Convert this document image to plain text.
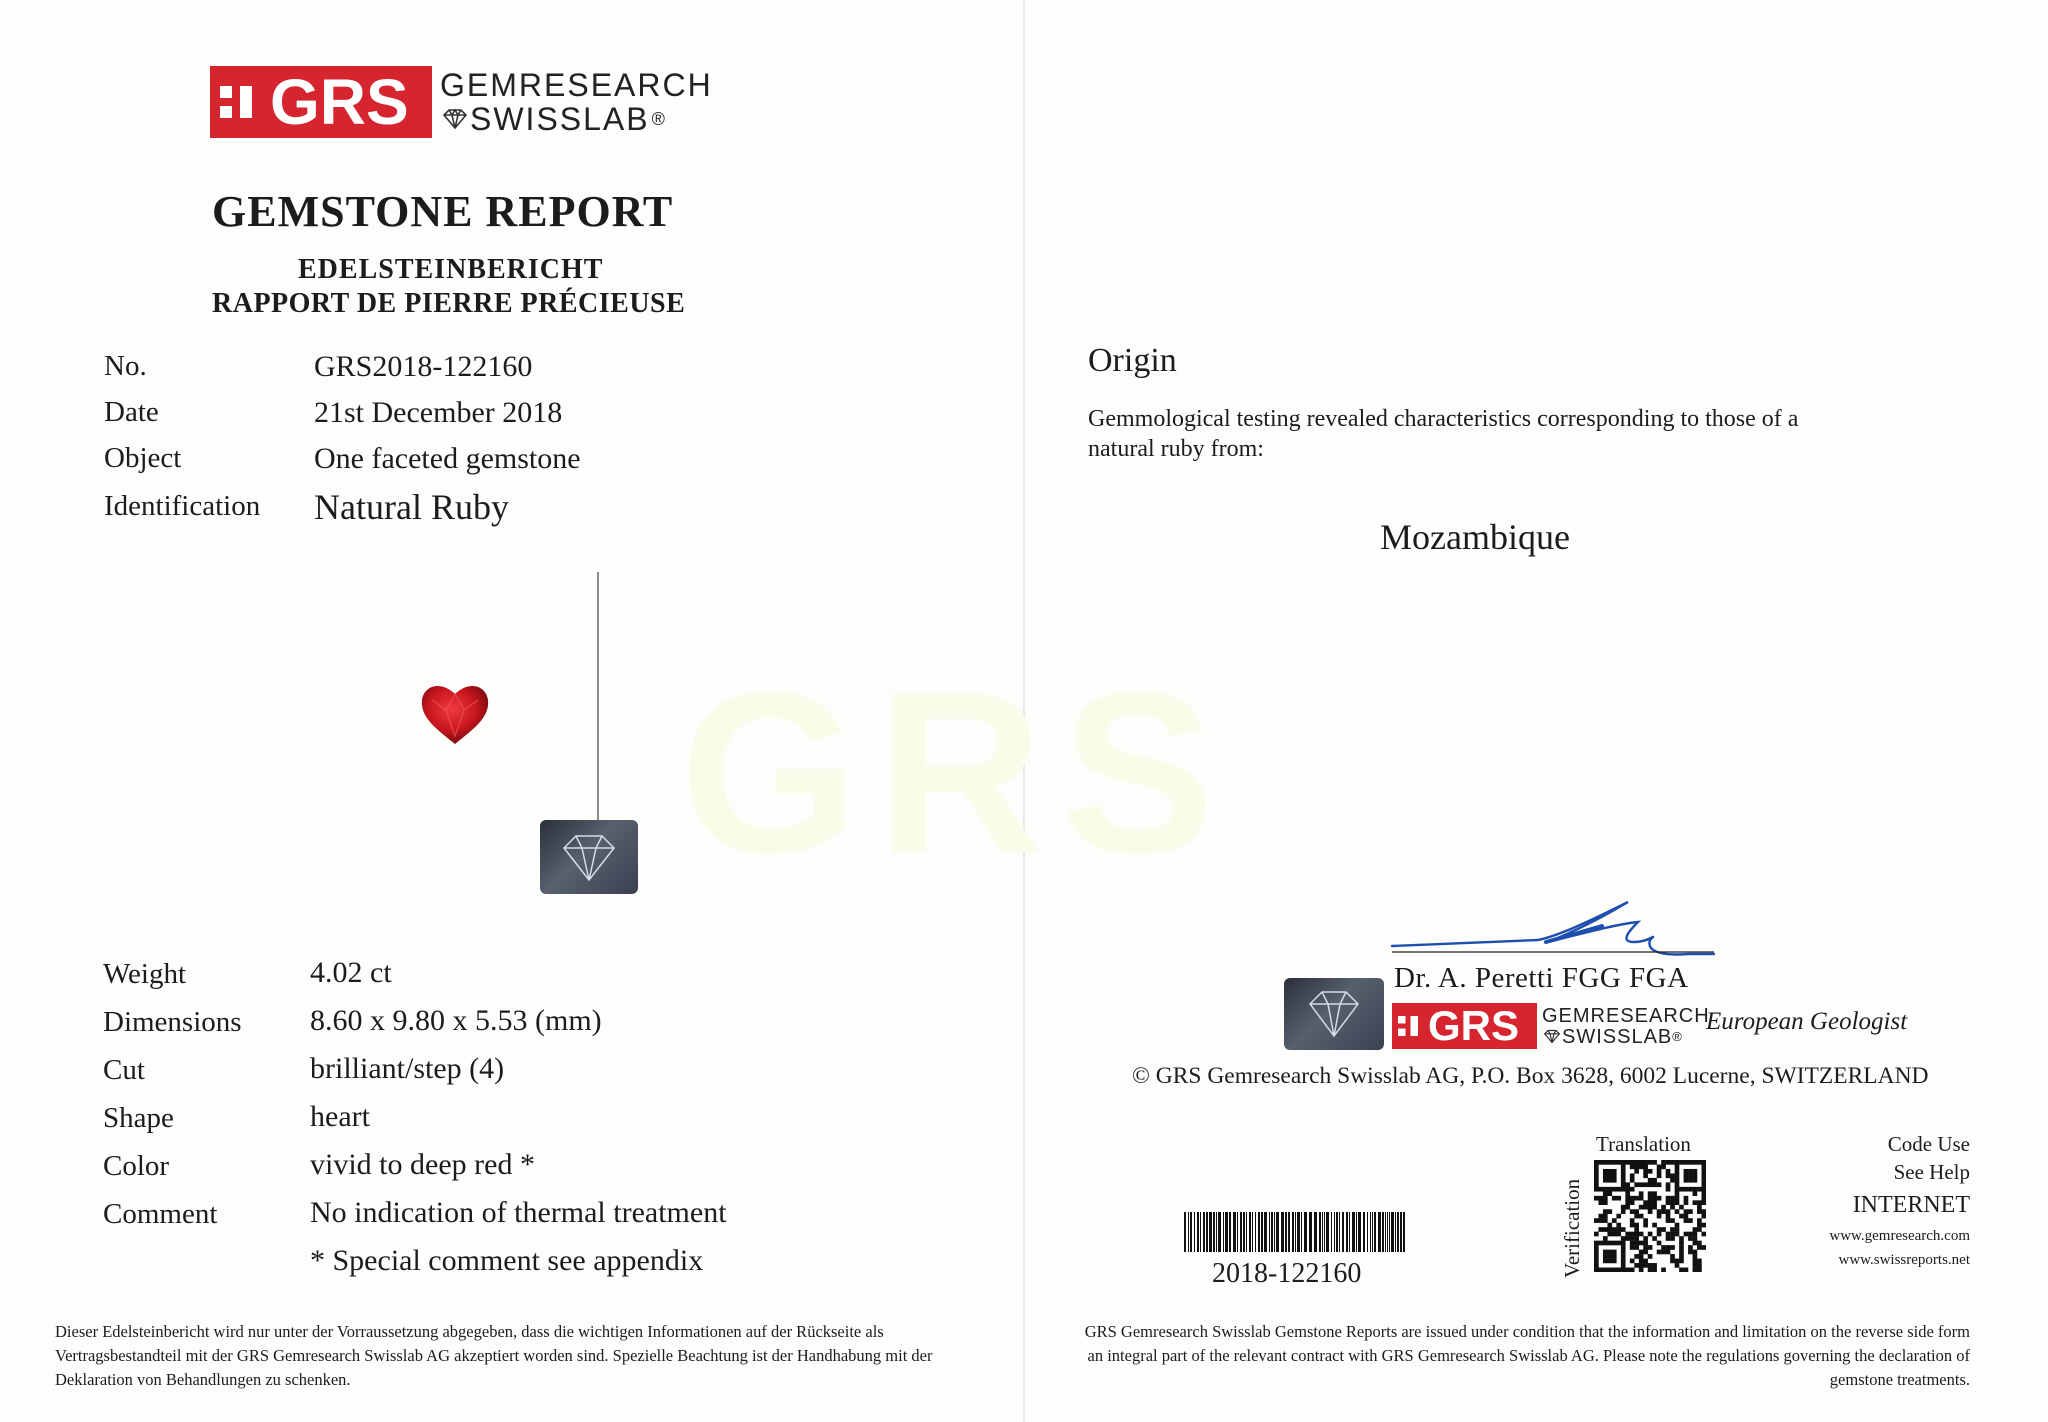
GRS
GRS GEMRESEARCH
SWISSLAB ®
GEMSTONE REPORT
EDELSTEINBERICHT
RAPPORT DE PIERRE PRÉCIEUSE
No.	GRS2018-122160
Date	21st December 2018
Object	One faceted gemstone
Identification Natural Ruby
Weight	4.02 ct
Dimensions 8.60 x 9.80 x 5.53 (mm)
Cut	brilliant/step (4)
Shape	heart
Color	vivid to deep red *
Comment	No indication of thermal treatment
* Special comment see appendix
Dieser Edelsteinbericht wird nur unter der Vorraussetzung abgegeben, dass die wichtigen Informationen auf der Rückseite als Vertragsbestandteil mit der GRS Gemresearch Swisslab AG akzeptiert worden sind. Spezielle Beachtung ist der Handhabung mit der Deklaration von Behandlungen zu schenken.
Origin
Gemmological testing revealed characteristics corresponding to those of a natural ruby from:
Mozambique
Dr. A. Peretti FGG FGA
GRS GEMRESEARCH
SWISSLAB ®
European Geologist
© GRS Gemresearch Swisslab AG, P.O. Box 3628, 6002 Lucerne, SWITZERLAND
2018-122160
Translation
Verification
Code Use
See Help
INTERNET
www.gemresearch.com
www.swissreports.net
GRS Gemresearch Swisslab Gemstone Reports are issued under condition that the information and limitation on the reverse side form an integral part of the relevant contract with GRS Gemresearch Swisslab AG. Please note the regulations governing the declaration of gemstone treatments.
